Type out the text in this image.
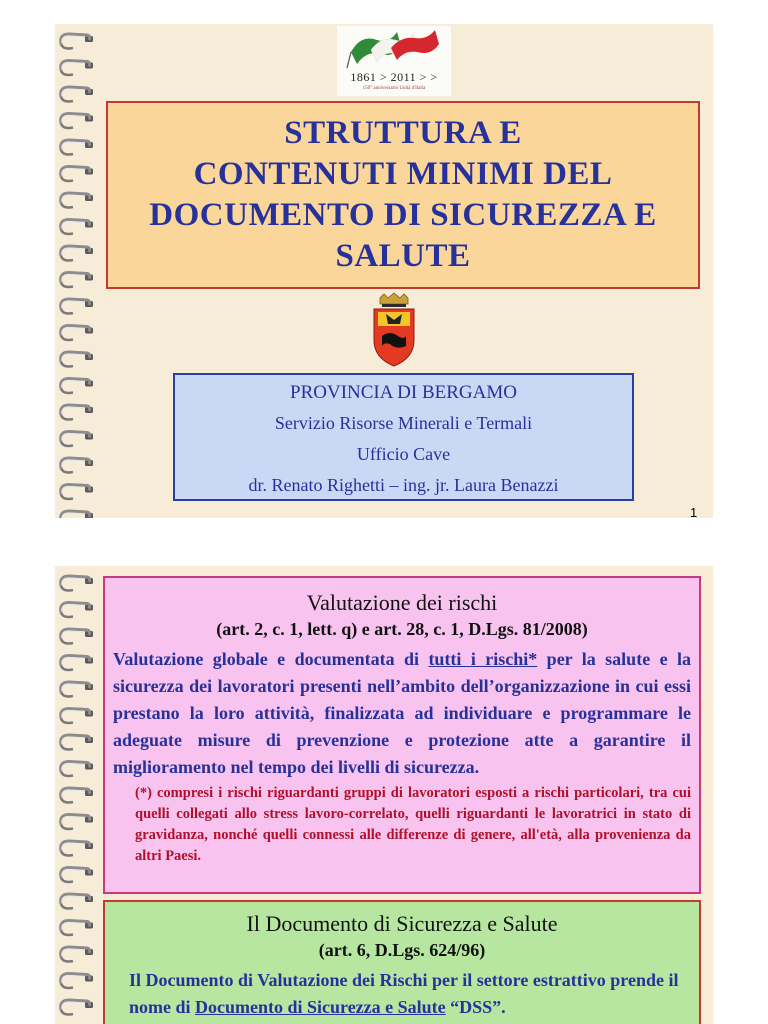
1861 > 2011 > >
150° anniversario Unità d'Italia
STRUTTURA E
CONTENUTI MINIMI DEL
DOCUMENTO DI SICUREZZA E
SALUTE
PROVINCIA DI BERGAMO
Servizio Risorse Minerali e Termali
Ufficio Cave
dr. Renato Righetti – ing. jr. Laura Benazzi
1
Valutazione dei rischi
(art. 2, c. 1, lett. q) e art. 28, c. 1, D.Lgs. 81/2008)
Valutazione globale e documentata di tutti i rischi* per la salute e la sicurezza dei lavoratori presenti nell’ambito dell’organizzazione in cui essi prestano la loro attività, finalizzata ad individuare e programmare le adeguate misure di prevenzione e protezione atte a garantire il miglioramento nel tempo dei livelli di sicurezza.
(*) compresi i rischi riguardanti gruppi di lavoratori esposti a rischi particolari, tra cui quelli collegati allo stress lavoro-correlato, quelli riguardanti le lavoratrici in stato di gravidanza, nonché quelli connessi alle differenze di genere, all'età, alla provenienza da altri Paesi.
Il Documento di Sicurezza e Salute
(art. 6, D.Lgs. 624/96)
Il Documento di Valutazione dei Rischi per il settore estrattivo prende il nome di Documento di Sicurezza e Salute “DSS”.
